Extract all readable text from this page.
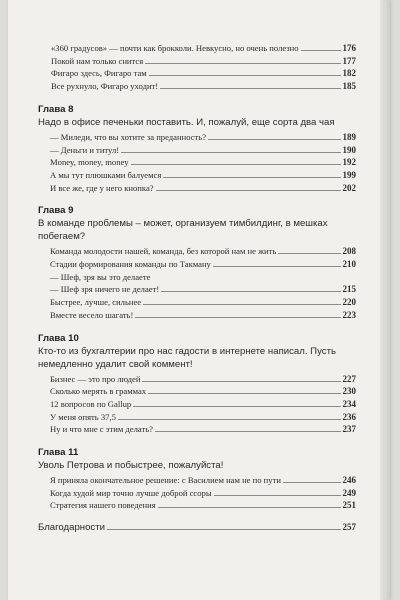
«360 градусов» — почти как брокколи. Невкусно, но очень полезно	176
Покой нам только снится	177
Фигаро здесь, Фигаро там	182
Все рухнуло, Фигаро уходит!	185
Глава 8
Надо в офисе печеньки поставить. И, пожалуй, еще сорта два чая
— Миледи, что вы хотите за преданность?	189
— Деньги и титул!	190
Money, money, money	192
А мы тут плюшками балуемся	199
И все же, где у него кнопка?	202
Глава 9
В команде проблемы – может, организуем тимбилдинг, в мешках побегаем?
Команда молодости нашей, команда, без которой нам не жить	208
Стадии формирования команды по Такману	210
— Шеф, зря вы это делаете
— Шеф зря ничего не делает!	215
Быстрее, лучше, сильнее	220
Вместе весело шагать!	223
Глава 10
Кто-то из бухгалтерии про нас гадости в интернете написал. Пусть немедленно удалит свой коммент!
Бизнес — это про людей	227
Сколько мерять в граммах	230
12 вопросов по Gallup	234
У меня опять 37,5	236
Ну и что мне с этим делать?	237
Глава 11
Уволь Петрова и побыстрее, пожалуйста!
Я приняла окончательное решение: с Василием нам не по пути	246
Когда худой мир точно лучше доброй ссоры	249
Стратегия нашего поведения	251
Благодарности	257
